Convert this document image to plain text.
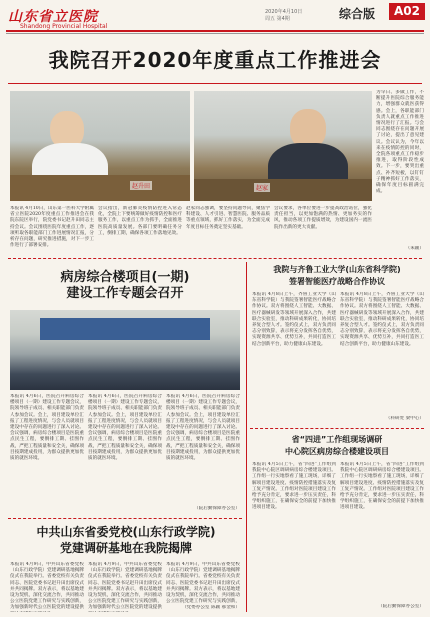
山东省立医院
Shandong Provincial Hospital
2020年4月10日
周五 第4期	综合版	A02
我院召开2020年度重点工作推进会
赵升田	赵家
为早日、多做工作，不断提升医院综合服务能力，增强群众就医获得感。会上，各职能部门负责人就重点工作推进情况进行了汇报。与会同志围绕存在问题开展了讨论，提出了意见建议。会议认为，今年以来在疫情防控的同时，全院各项重点工作稳步推进，取得阶段性成效。下一步，要突出重点、补齐短板，以钉钉子精神抓好工作落实，确保年度目标圆满完成。
（朱颖）
本报讯 4月10日，山东第一医科大学附属省立医院2020年度重点工作推进会在我院东院区举行，院党委书记赵升田同志主持会议。会议围绕医院年度重点工作，逐项听取各职能部门工作进展情况汇报，分析存在问题，研究推进措施，对下一步工作进行了部署安排。
会议指出，新冠肺炎疫情防控进入常态化，全院上下要统筹做好疫情防控和医疗服务工作，以重点工作为抓手，全面推进医院高质量发展。各部门要明确任务分工，倒排工期，确保各项工作落地见效。
赵家同志强调，要坚持问题导向，聚焦学科建设、人才引进、智慧医院、服务品质等重点领域，抓好工作落实，为全面完成年度目标任务奠定坚实基础。
会议要求，各单位要进一步提高政治站位，强化责任担当，以更加饱满的热情、更加务实的作风，推动各项工作提质增效，为建设国内一流医院作出新的更大贡献。
病房综合楼项目(一期)
建设工作专题会召开
本报讯 4月6日，医院召开病房综合楼项目（一期）建设工作专题会议，院领导班子成员、相关职能部门负责人参加会议。会上，项目建设单位汇报了工程进度情况，与会人员就项目建设中存在的问题进行了深入讨论。会议强调，病房综合楼项目是医院重点民生工程，要倒排工期、挂图作战，严把工程质量和安全关，确保项目按期建成投用，为群众提供更加优质的就医环境。
本报讯 4月6日，医院召开病房综合楼项目（一期）建设工作专题会议，院领导班子成员、相关职能部门负责人参加会议。会上，项目建设单位汇报了工程进度情况，与会人员就项目建设中存在的问题进行了深入讨论。会议强调，病房综合楼项目是医院重点民生工程，要倒排工期、挂图作战，严把工程质量和安全关，确保项目按期建成投用，为群众提供更加优质的就医环境。
本报讯 4月6日，医院召开病房综合楼项目（一期）建设工作专题会议，院领导班子成员、相关职能部门负责人参加会议。会上，项目建设单位汇报了工程进度情况，与会人员就项目建设中存在的问题进行了深入讨论。会议强调，病房综合楼项目是医院重点民生工程，要倒排工期、挂图作战，严把工程质量和安全关，确保项目按期建成投用，为群众提供更加优质的就医环境。
（院后勤保障办公室）
中共山东省委党校(山东行政学院)
党建调研基地在我院揭牌
本报讯 4月9日，中共山东省委党校（山东行政学院）党建调研基地揭牌仪式在我院举行。省委党校有关负责同志、医院党委书记赵升田出席仪式并共同揭牌。双方表示，将以基地建设为契机，深化交流合作，共同推动公立医院党建工作研究与实践创新，为加强新时代公立医院党的建设提供
本报讯 4月9日，中共山东省委党校（山东行政学院）党建调研基地揭牌仪式在我院举行。省委党校有关负责同志、医院党委书记赵升田出席仪式并共同揭牌。双方表示，将以基地建设为契机，深化交流合作，共同推动公立医院党建工作研究与实践创新，为加强新时代公立医院党的建设提供
本报讯 4月9日，中共山东省委党校（山东行政学院）党建调研基地揭牌仪式在我院举行。省委党校有关负责同志、医院党委书记赵升田出席仪式并共同揭牌。双方表示，将以基地建设为契机，深化交流合作，共同推动公立医院党建工作研究与实践创新，
（党委办公室 陈颖 郝金和）
我院与齐鲁工业大学(山东省科学院)
签署智能医疗战略合作协议
本报讯 4月8日上午，齐鲁工业大学（山东省科学院）与我院签署智能医疗战略合作协议。双方将围绕人工智能、大数据、医疗器械研发等领域开展深入合作，共建联合实验室，推动科研成果转化，协同培养复合型人才。签约仪式上，双方负责同志分别致辞，表示将充分发挥各自优势，实现资源共享、优势互补，共同打造医工结合创新平台，助力健康山东建设。
本报讯 4月8日上午，齐鲁工业大学（山东省科学院）与我院签署智能医疗战略合作协议。双方将围绕人工智能、大数据、医疗器械研发等领域开展深入合作，共建联合实验室，推动科研成果转化，协同培养复合型人才。签约仪式上，双方负责同志分别致辞，表示将充分发挥各自优势，实现资源共享、优势互补，共同打造医工结合创新平台，助力健康山东建设。
（科研处 梁中心）
省“四进”工作组现场调研
中心院区病房综合楼建设项目
本报讯 4月5日上午，省“四进”工作组到我院中心院区调研病房综合楼建设项目。工作组一行实地察看了施工现场，详细了解项目建设进度、疫情防控措施落实及复工复产情况。工作组对医院项目建设工作给予充分肯定，要求进一步压实责任，科学组织施工，在确保安全的前提下加快推进项目建设。
本报讯 4月5日上午，省“四进”工作组到我院中心院区调研病房综合楼建设项目。工作组一行实地察看了施工现场，详细了解项目建设进度、疫情防控措施落实及复工复产情况。工作组对医院项目建设工作给予充分肯定，要求进一步压实责任，科学组织施工，在确保安全的前提下加快推进项目建设。
（院后勤保障办公室）
